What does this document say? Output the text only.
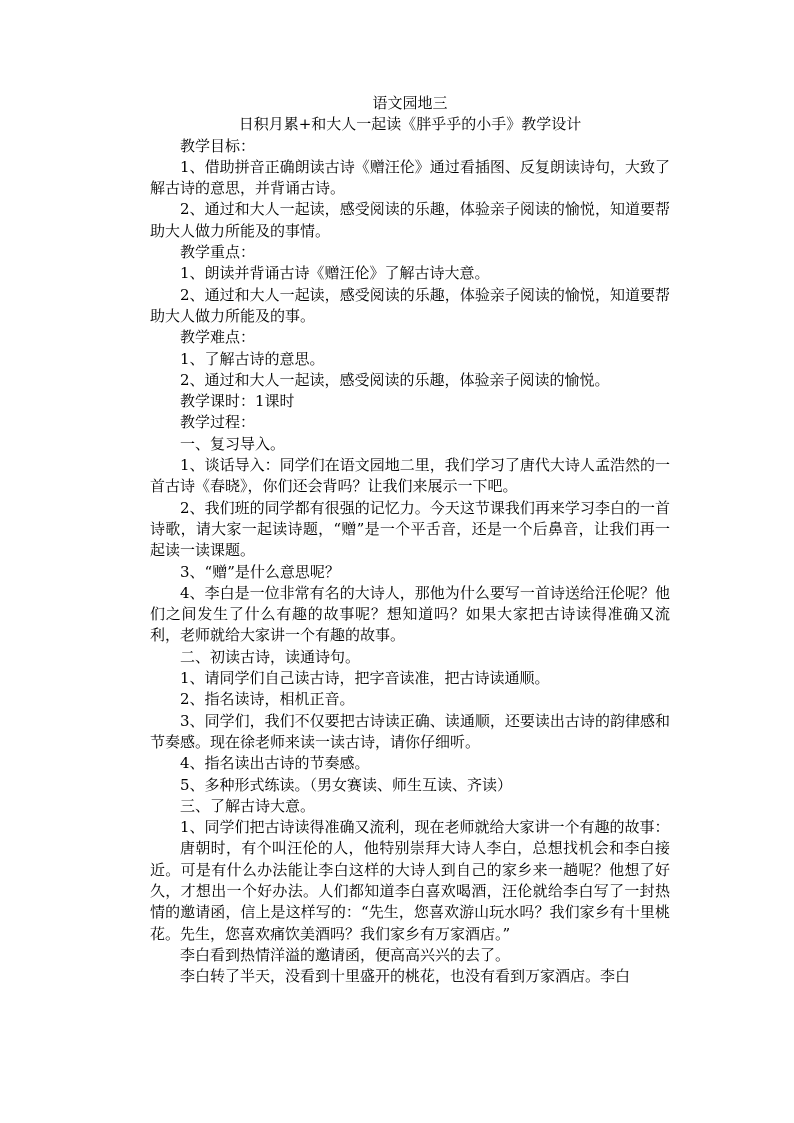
语文园地三

日积月累+和大人一起读《胖乎乎的小手》教学设计

教学目标：

1、借助拼音正确朗读古诗《赠汪伦》通过看插图、反复朗读诗句，大致了解古诗的意思，并背诵古诗。

2、通过和大人一起读，感受阅读的乐趣，体验亲子阅读的愉悦，知道要帮助大人做力所能及的事情。

教学重点：

1、朗读并背诵古诗《赠汪伦》了解古诗大意。

2、通过和大人一起读，感受阅读的乐趣，体验亲子阅读的愉悦，知道要帮助大人做力所能及的事。

教学难点：

1、了解古诗的意思。

2、通过和大人一起读，感受阅读的乐趣，体验亲子阅读的愉悦。

教学课时：1课时

教学过程：

一、复习导入。

1、谈话导入：同学们在语文园地二里，我们学习了唐代大诗人孟浩然的一首古诗《春晓》，你们还会背吗？让我们来展示一下吧。

2、我们班的同学都有很强的记忆力。今天这节课我们再来学习李白的一首诗歌，请大家一起读诗题，“赠”是一个平舌音，还是一个后鼻音，让我们再一起读一读课题。

3、“赠”是什么意思呢？

4、李白是一位非常有名的大诗人，那他为什么要写一首诗送给汪伦呢？他们之间发生了什么有趣的故事呢？想知道吗？如果大家把古诗读得准确又流利，老师就给大家讲一个有趣的故事。

二、初读古诗，读通诗句。

1、请同学们自己读古诗，把字音读准，把古诗读通顺。

2、指名读诗，相机正音。

3、同学们，我们不仅要把古诗读正确、读通顺，还要读出古诗的韵律感和节奏感。现在徐老师来读一读古诗，请你仔细听。

4、指名读出古诗的节奏感。

5、多种形式练读。（男女赛读、师生互读、齐读）

三、了解古诗大意。

1、同学们把古诗读得准确又流利，现在老师就给大家讲一个有趣的故事：

唐朝时，有个叫汪伦的人，他特别崇拜大诗人李白，总想找机会和李白接近。可是有什么办法能让李白这样的大诗人到自己的家乡来一趟呢？他想了好久，才想出一个好办法。人们都知道李白喜欢喝酒，汪伦就给李白写了一封热情的邀请函，信上是这样写的：“先生，您喜欢游山玩水吗？我们家乡有十里桃花。先生，您喜欢痛饮美酒吗？我们家乡有万家酒店。”

李白看到热情洋溢的邀请函，便高高兴兴的去了。

李白转了半天，没看到十里盛开的桃花，也没有看到万家酒店。李白
